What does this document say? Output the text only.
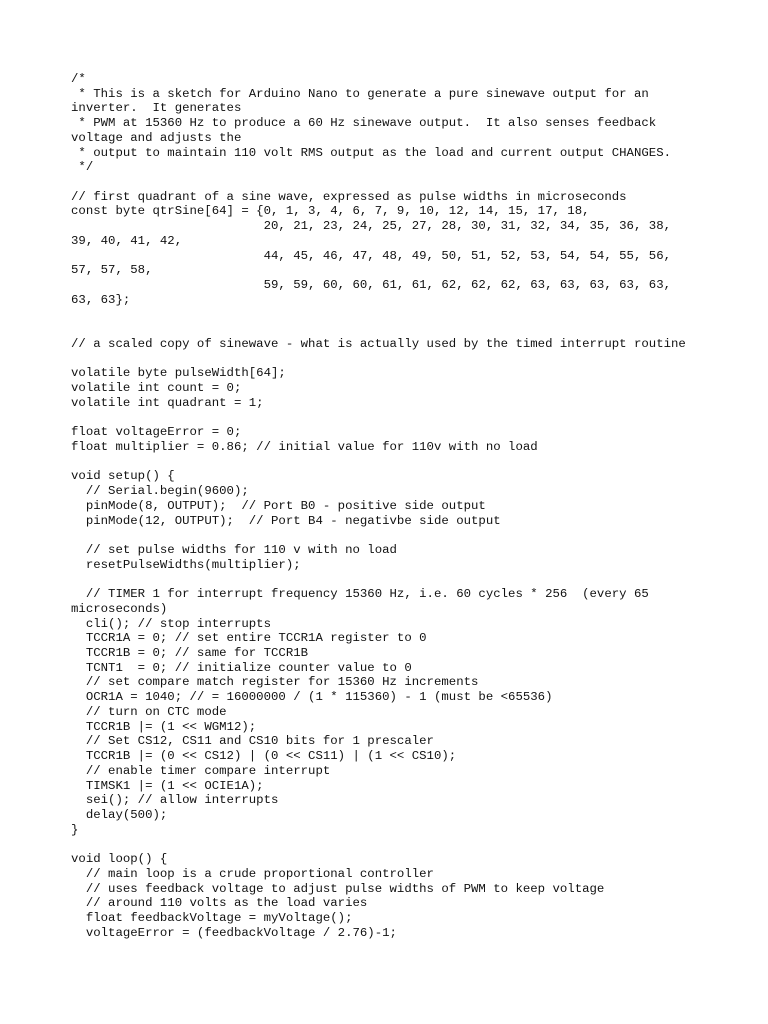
/*
* This is a sketch for Arduino Nano to generate a pure sinewave output for an
inverter.  It generates
* PWM at 15360 Hz to produce a 60 Hz sinewave output.  It also senses feedback
voltage and adjusts the
* output to maintain 110 volt RMS output as the load and current output CHANGES.
*/
// first quadrant of a sine wave, expressed as pulse widths in microseconds
const byte qtrSine[64] = {0, 1, 3, 4, 6, 7, 9, 10, 12, 14, 15, 17, 18,
20, 21, 23, 24, 25, 27, 28, 30, 31, 32, 34, 35, 36, 38,
39, 40, 41, 42,
44, 45, 46, 47, 48, 49, 50, 51, 52, 53, 54, 54, 55, 56,
57, 57, 58,
59, 59, 60, 60, 61, 61, 62, 62, 62, 63, 63, 63, 63, 63,
63, 63};
// a scaled copy of sinewave - what is actually used by the timed interrupt routine
volatile byte pulseWidth[64];
volatile int count = 0;
volatile int quadrant = 1;
float voltageError = 0;
float multiplier = 0.86; // initial value for 110v with no load
void setup() {
// Serial.begin(9600);
pinMode(8, OUTPUT);  // Port B0 - positive side output
pinMode(12, OUTPUT);  // Port B4 - negativbe side output
// set pulse widths for 110 v with no load
resetPulseWidths(multiplier);
// TIMER 1 for interrupt frequency 15360 Hz, i.e. 60 cycles * 256  (every 65
microseconds)
cli(); // stop interrupts
TCCR1A = 0; // set entire TCCR1A register to 0
TCCR1B = 0; // same for TCCR1B
TCNT1  = 0; // initialize counter value to 0
// set compare match register for 15360 Hz increments
OCR1A = 1040; // = 16000000 / (1 * 115360) - 1 (must be <65536)
// turn on CTC mode
TCCR1B |= (1 << WGM12);
// Set CS12, CS11 and CS10 bits for 1 prescaler
TCCR1B |= (0 << CS12) | (0 << CS11) | (1 << CS10);
// enable timer compare interrupt
TIMSK1 |= (1 << OCIE1A);
sei(); // allow interrupts
delay(500);
}
void loop() {
// main loop is a crude proportional controller
// uses feedback voltage to adjust pulse widths of PWM to keep voltage
// around 110 volts as the load varies
float feedbackVoltage = myVoltage();
voltageError = (feedbackVoltage / 2.76)-1;
